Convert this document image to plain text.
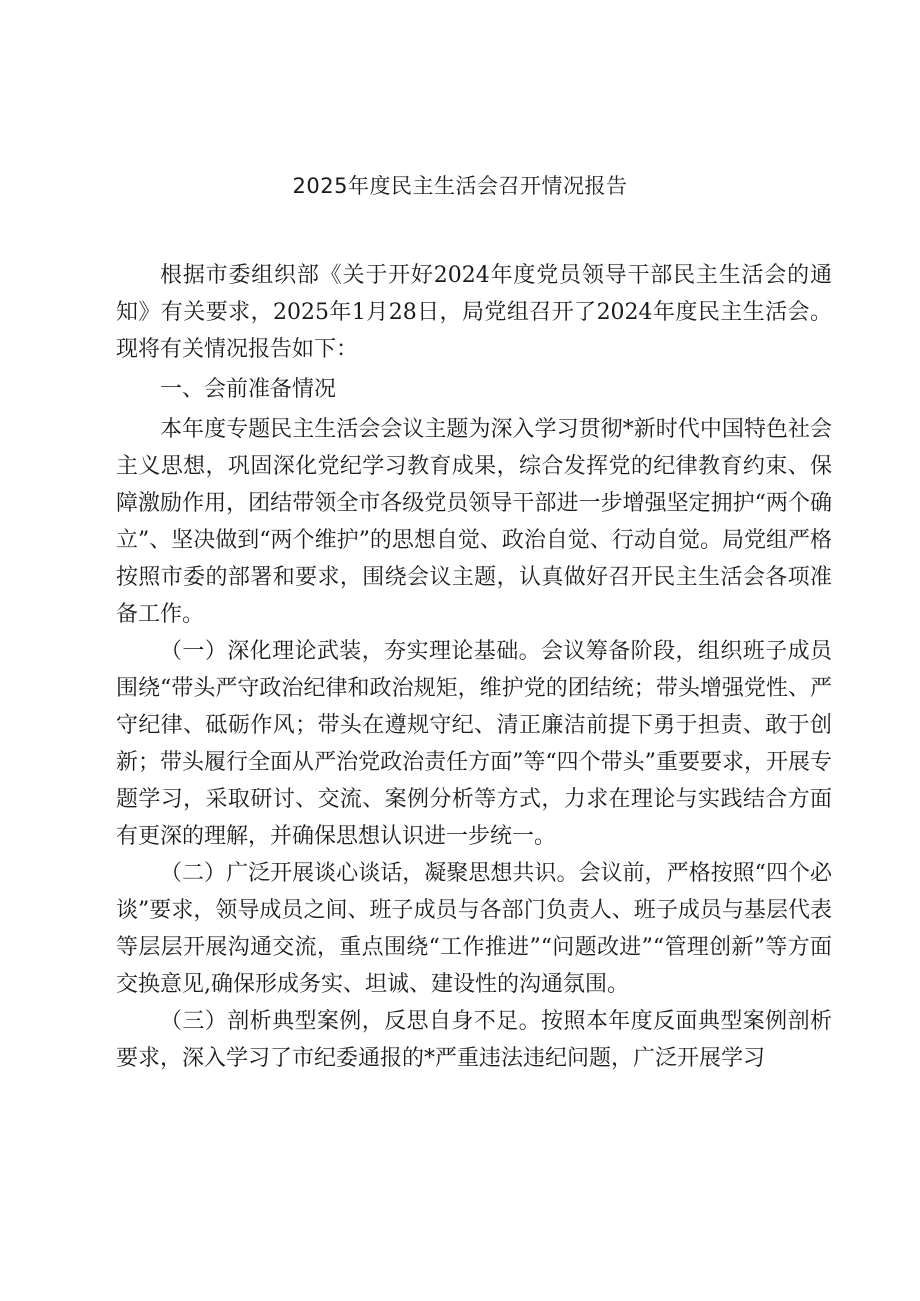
2025年度民主生活会召开情况报告

根据市委组织部《关于开好2024年度党员领导干部民主生活会的通知》有关要求，2025年1月28日，局党组召开了2024年度民主生活会。现将有关情况报告如下：

一、会前准备情况

本年度专题民主生活会会议主题为深入学习贯彻*新时代中国特色社会主义思想，巩固深化党纪学习教育成果，综合发挥党的纪律教育约束、保障激励作用，团结带领全市各级党员领导干部进一步增强坚定拥护“两个确立”、坚决做到“两个维护”的思想自觉、政治自觉、行动自觉。局党组严格按照市委的部署和要求，围绕会议主题，认真做好召开民主生活会各项准备工作。

（一）深化理论武装，夯实理论基础。会议筹备阶段，组织班子成员围绕“带头严守政治纪律和政治规矩，维护党的团结统；带头增强党性、严守纪律、砥砺作风；带头在遵规守纪、清正廉洁前提下勇于担责、敢于创新；带头履行全面从严治党政治责任方面”等“四个带头”重要要求，开展专题学习，采取研讨、交流、案例分析等方式，力求在理论与实践结合方面有更深的理解，并确保思想认识进一步统一。

（二）广泛开展谈心谈话，凝聚思想共识。会议前，严格按照“四个必谈”要求，领导成员之间、班子成员与各部门负责人、班子成员与基层代表等层层开展沟通交流，重点围绕“工作推进”“问题改进”“管理创新”等方面交换意见,确保形成务实、坦诚、建设性的沟通氛围。

（三）剖析典型案例，反思自身不足。按照本年度反面典型案例剖析要求，深入学习了市纪委通报的*严重违法违纪问题，广泛开展学习
